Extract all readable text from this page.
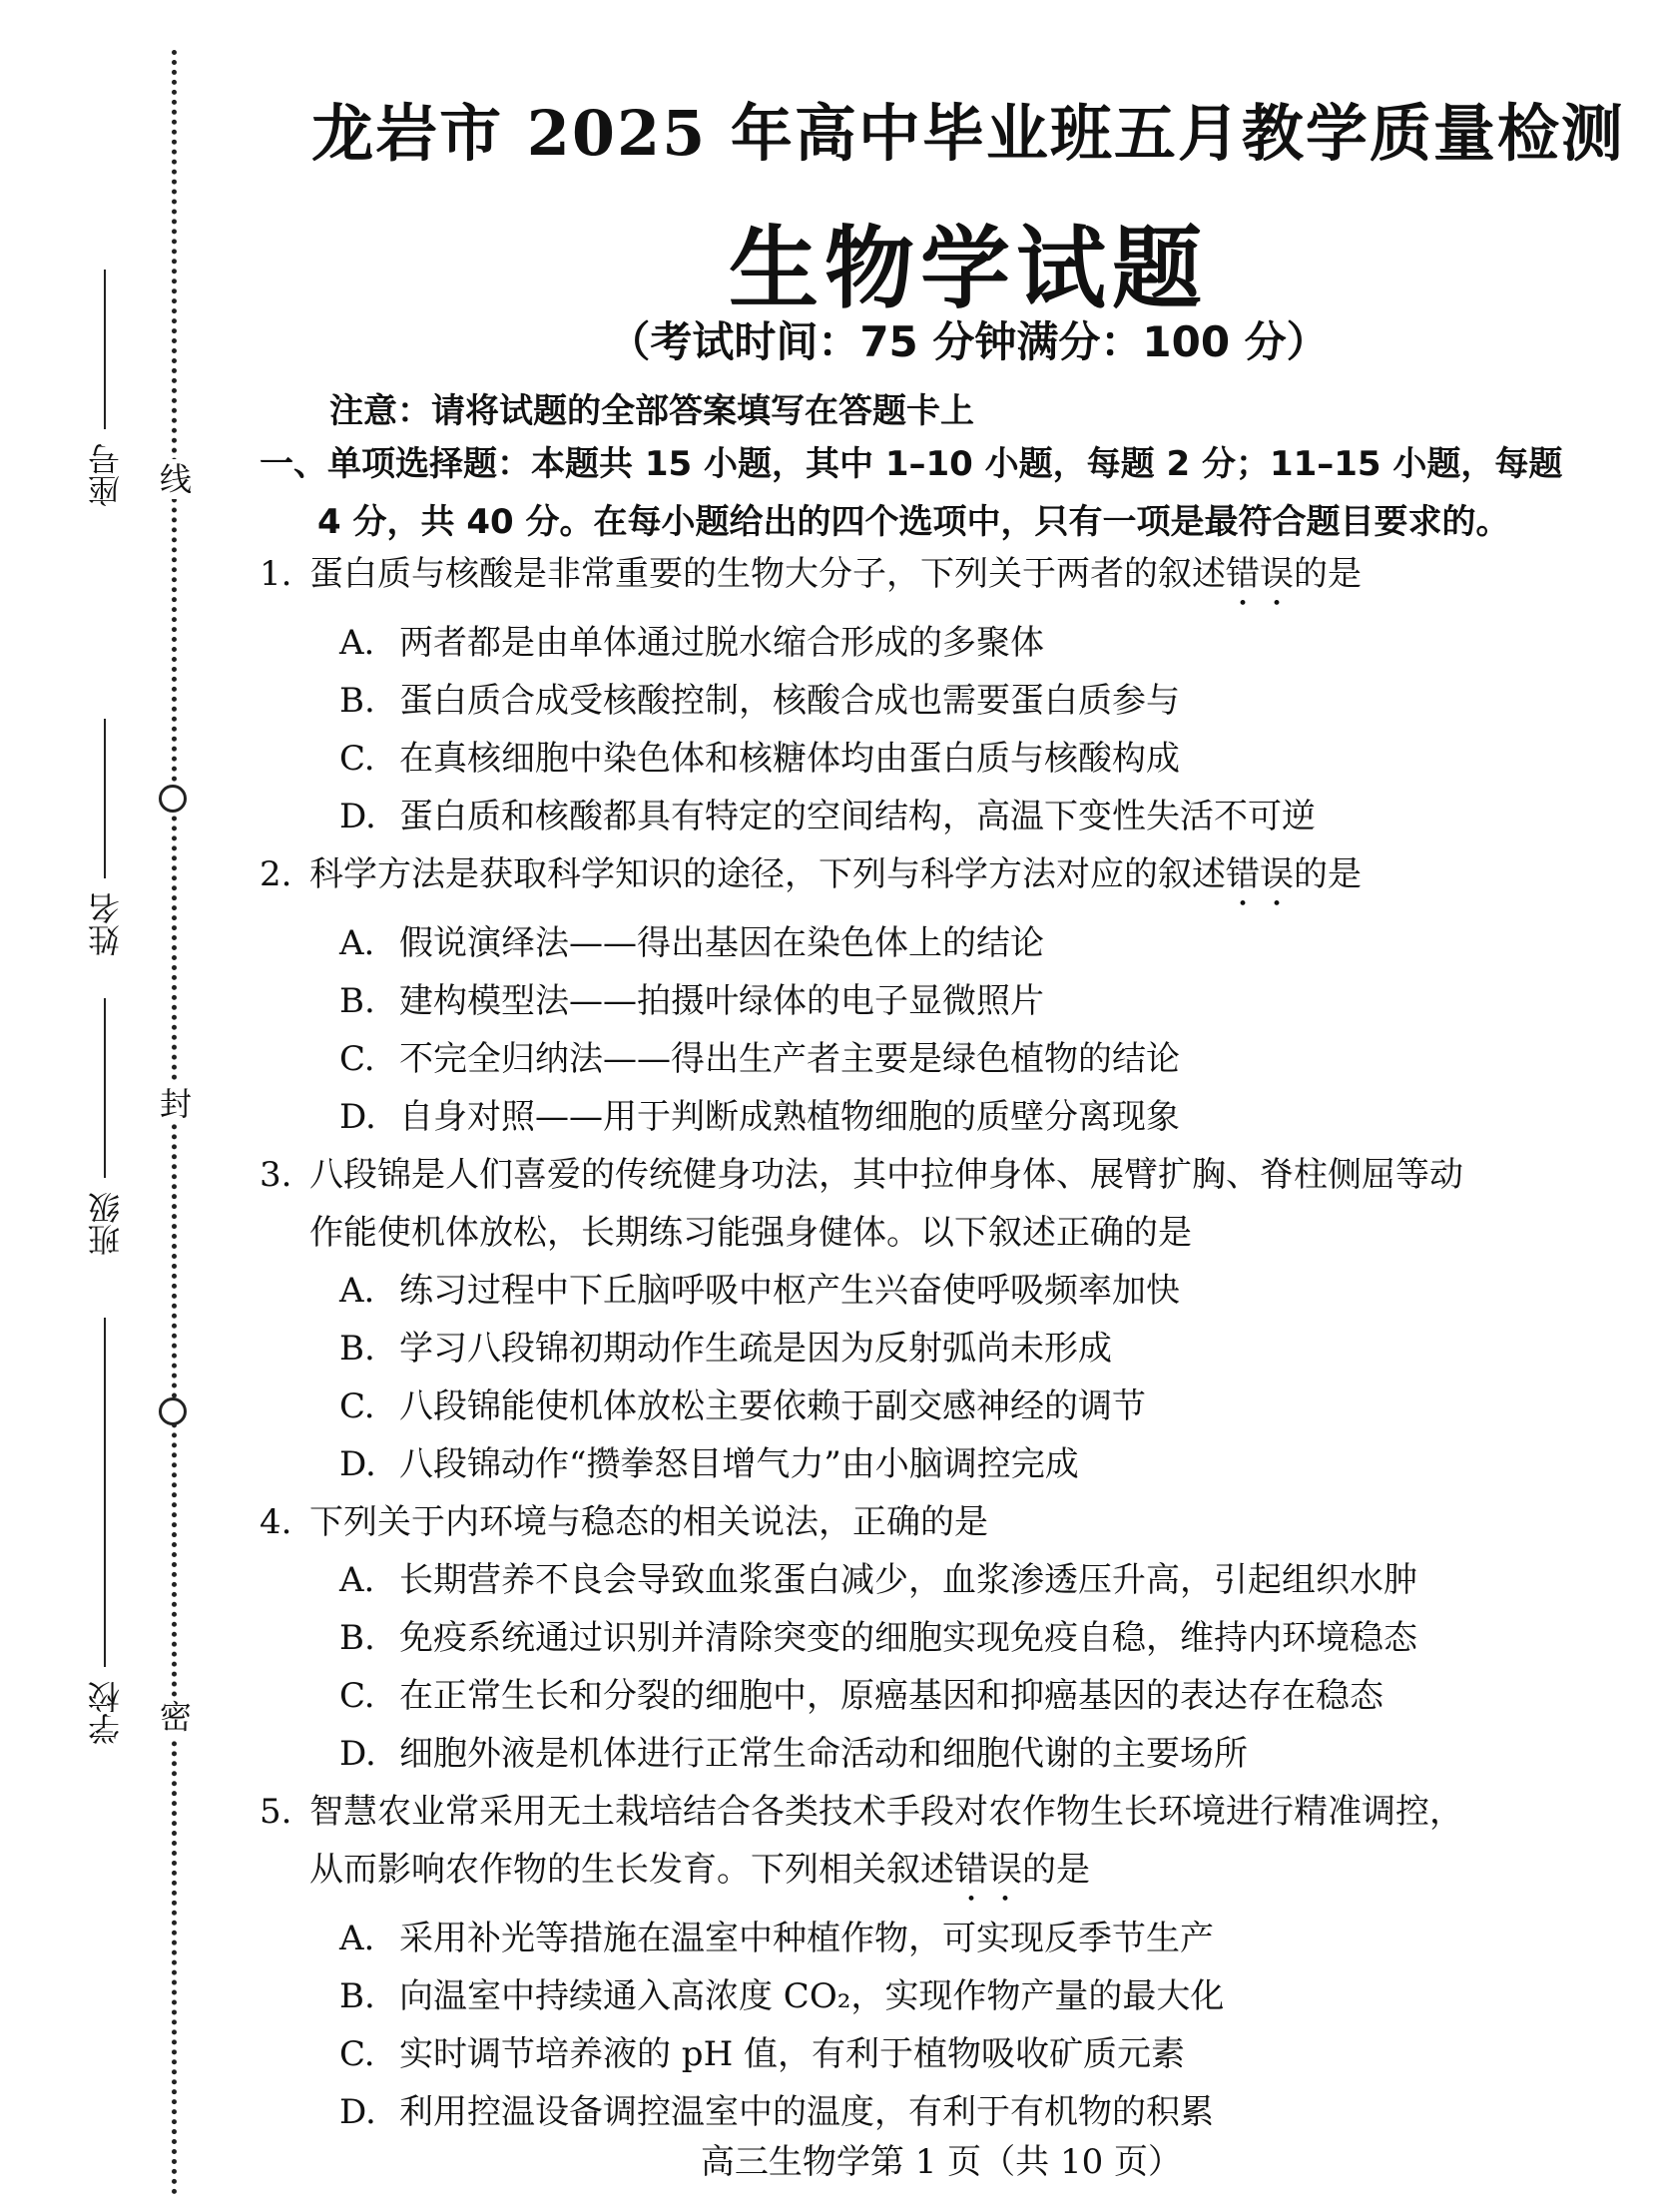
线
封
密
座号
姓名
班级
学校
龙岩市 2025 年高中毕业班五月教学质量检测
生物学试题
（考试时间：75 分钟满分：100 分）
注意：请将试题的全部答案填写在答题卡上
一、单项选择题：本题共 15 小题，其中 1–10 小题，每题 2 分；11–15 小题，每题
4 分，共 40 分。在每小题给出的四个选项中，只有一项是最符合题目要求的。
1. 蛋白质与核酸是非常重要的生物大分子，下列关于两者的叙述错误的是
A. 两者都是由单体通过脱水缩合形成的多聚体
B. 蛋白质合成受核酸控制，核酸合成也需要蛋白质参与
C. 在真核细胞中染色体和核糖体均由蛋白质与核酸构成
D. 蛋白质和核酸都具有特定的空间结构，高温下变性失活不可逆
2. 科学方法是获取科学知识的途径，下列与科学方法对应的叙述错误的是
A. 假说演绎法——得出基因在染色体上的结论
B. 建构模型法——拍摄叶绿体的电子显微照片
C. 不完全归纳法——得出生产者主要是绿色植物的结论
D. 自身对照——用于判断成熟植物细胞的质壁分离现象
3. 八段锦是人们喜爱的传统健身功法，其中拉伸身体、展臂扩胸、脊柱侧屈等动
作能使机体放松，长期练习能强身健体。以下叙述正确的是
A. 练习过程中下丘脑呼吸中枢产生兴奋使呼吸频率加快
B. 学习八段锦初期动作生疏是因为反射弧尚未形成
C. 八段锦能使机体放松主要依赖于副交感神经的调节
D. 八段锦动作“攒拳怒目增气力”由小脑调控完成
4. 下列关于内环境与稳态的相关说法，正确的是
A. 长期营养不良会导致血浆蛋白减少，血浆渗透压升高，引起组织水肿
B. 免疫系统通过识别并清除突变的细胞实现免疫自稳，维持内环境稳态
C. 在正常生长和分裂的细胞中，原癌基因和抑癌基因的表达存在稳态
D. 细胞外液是机体进行正常生命活动和细胞代谢的主要场所
5. 智慧农业常采用无土栽培结合各类技术手段对农作物生长环境进行精准调控，
从而影响农作物的生长发育。下列相关叙述错误的是
A. 采用补光等措施在温室中种植作物，可实现反季节生产
B. 向温室中持续通入高浓度 CO₂，实现作物产量的最大化
C. 实时调节培养液的 pH 值，有利于植物吸收矿质元素
D. 利用控温设备调控温室中的温度，有利于有机物的积累
高三生物学第 1 页（共 10 页）
